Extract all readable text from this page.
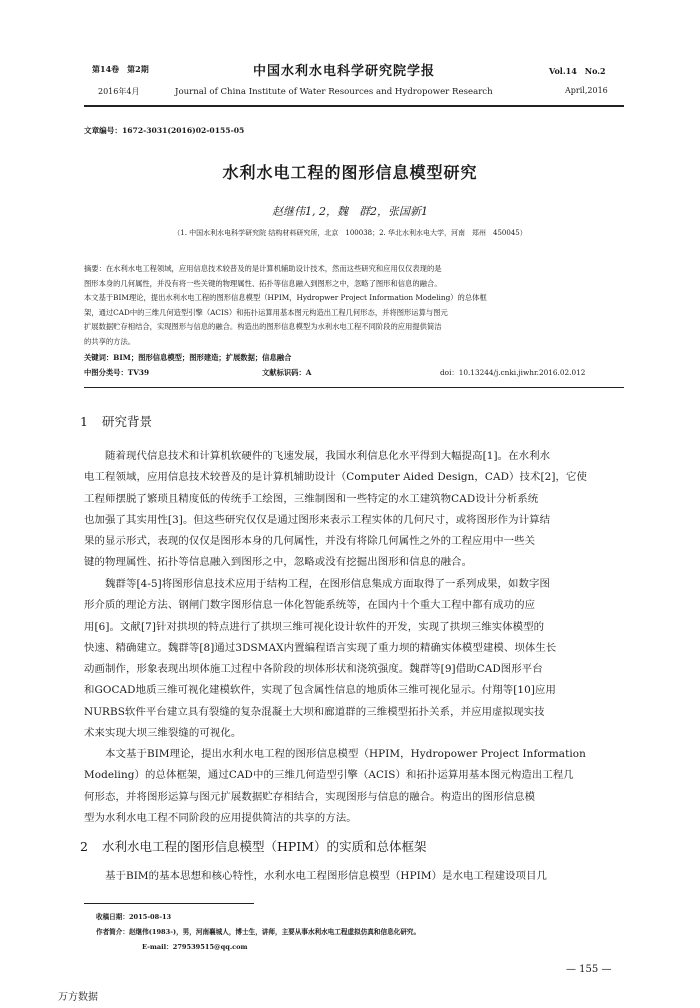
第14卷　第2期	中国水利水电科学研究院学报	Vol.14　No.2
2016年4月	Journal of China Institute of Water Resources and Hydropower Research	April,2016
文章编号：1672-3031(2016)02-0155-05
水利水电工程的图形信息模型研究
赵继伟1, 2，魏　群2，张国新1
（1. 中国水利水电科学研究院 结构材料研究所，北京　100038；2. 华北水利水电大学，河南　郑州　450045）
摘要：在水利水电工程领域，应用信息技术较普及的是计算机辅助设计技术，然而这些研究和应用仅仅表现的是
图形本身的几何属性，并没有将一些关键的物理属性、拓扑等信息融入到图形之中，忽略了图形和信息的融合。
本文基于BIM理论，提出水利水电工程的图形信息模型（HPIM，Hydropwer Project Information Modeling）的总体框
架，通过CAD中的三维几何造型引擎（ACIS）和拓扑运算用基本图元构造出工程几何形态，并将图形运算与图元
扩展数据贮存相结合，实现图形与信息的融合。构造出的图形信息模型为水利水电工程不同阶段的应用提供简洁
的共享的方法。
关键词：BIM；图形信息模型；图形建造；扩展数据；信息融合
中图分类号：TV39	文献标识码：A	doi：10.13244/j.cnki.jiwhr.2016.02.012
1 研究背景
随着现代信息技术和计算机软硬件的飞速发展，我国水利信息化水平得到大幅提高[1]。在水利水
电工程领域，应用信息技术较普及的是计算机辅助设计（Computer Aided Design，CAD）技术[2]，它使
工程师摆脱了繁琐且精度低的传统手工绘图，三维制图和一些特定的水工建筑物CAD设计分析系统
也加强了其实用性[3]。但这些研究仅仅是通过图形来表示工程实体的几何尺寸，或将图形作为计算结
果的显示形式，表现的仅仅是图形本身的几何属性，并没有将除几何属性之外的工程应用中一些关
键的物理属性、拓扑等信息融入到图形之中，忽略或没有挖掘出图形和信息的融合。
魏群等[4-5]将图形信息技术应用于结构工程，在图形信息集成方面取得了一系列成果，如数字图
形介质的理论方法、钢闸门数字图形信息一体化智能系统等，在国内十个重大工程中都有成功的应
用[6]。文献[7]针对拱坝的特点进行了拱坝三维可视化设计软件的开发，实现了拱坝三维实体模型的
快速、精确建立。魏群等[8]通过3DSMAX内置编程语言实现了重力坝的精确实体模型建模、坝体生长
动画制作，形象表现出坝体施工过程中各阶段的坝体形状和浇筑强度。魏群等[9]借助CAD图形平台
和GOCAD地质三维可视化建模软件，实现了包含属性信息的地质体三维可视化显示。付翔等[10]应用
NURBS软件平台建立具有裂缝的复杂混凝土大坝和廊道群的三维模型拓扑关系，并应用虚拟现实技
术来实现大坝三维裂缝的可视化。
本文基于BIM理论，提出水利水电工程的图形信息模型（HPIM，Hydropower Project Information
Modeling）的总体框架，通过CAD中的三维几何造型引擎（ACIS）和拓扑运算用基本图元构造出工程几
何形态，并将图形运算与图元扩展数据贮存相结合，实现图形与信息的融合。构造出的图形信息模
型为水利水电工程不同阶段的应用提供简洁的共享的方法。
2 水利水电工程的图形信息模型（HPIM）的实质和总体框架
基于BIM的基本思想和核心特性，水利水电工程图形信息模型（HPIM）是水电工程建设项目几
收稿日期：2015-08-13
作者简介：赵继伟(1983-)，男，河南襄城人，博士生，讲师，主要从事水利水电工程虚拟仿真和信息化研究。
E-mail：279539515@qq.com
— 155 —
万方数据
